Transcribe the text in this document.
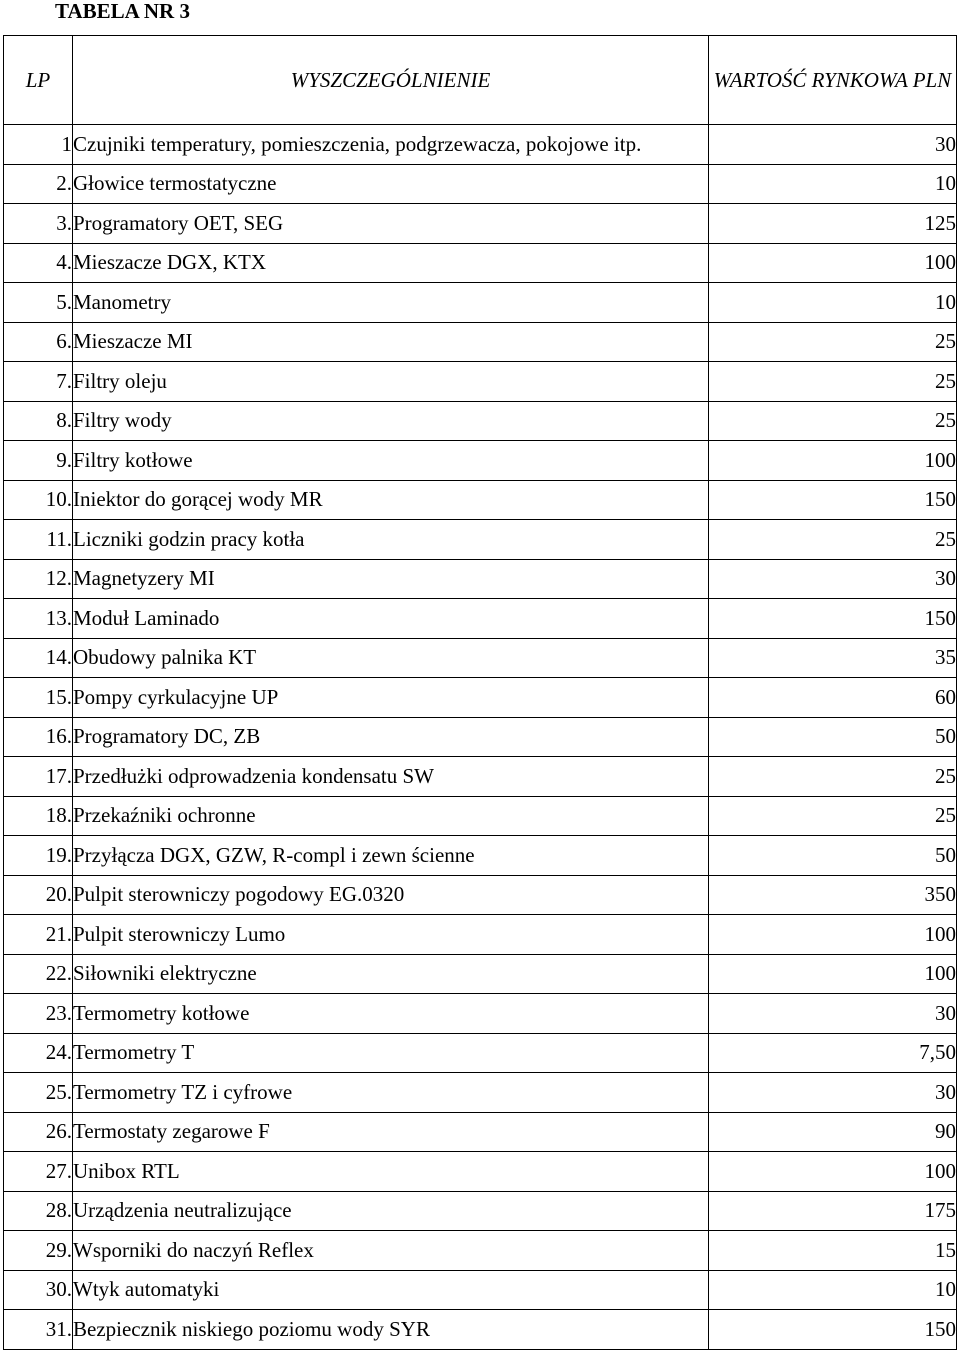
TABELA NR 3
LP	WYSZCZEGÓLNIENIE	WARTOŚĆ RYNKOWA PLN
1	Czujniki temperatury, pomieszczenia, podgrzewacza, pokojowe itp.	30
2.	Głowice termostatyczne	10
3.	Programatory OET, SEG	125
4.	Mieszacze DGX, KTX	100
5.	Manometry	10
6.	Mieszacze MI	25
7.	Filtry oleju	25
8.	Filtry wody	25
9.	Filtry kotłowe	100
10.	Iniektor do gorącej wody MR	150
11.	Liczniki godzin pracy kotła	25
12.	Magnetyzery MI	30
13.	Moduł Laminado	150
14.	Obudowy palnika KT	35
15.	Pompy cyrkulacyjne UP	60
16.	Programatory DC, ZB	50
17.	Przedłużki odprowadzenia kondensatu SW	25
18.	Przekaźniki ochronne	25
19.	Przyłącza DGX, GZW, R-compl i zewn ścienne	50
20.	Pulpit sterowniczy pogodowy EG.0320	350
21.	Pulpit sterowniczy Lumo	100
22.	Siłowniki elektryczne	100
23.	Termometry kotłowe	30
24.	Termometry T	7,50
25.	Termometry TZ i cyfrowe	30
26.	Termostaty zegarowe F	90
27.	Unibox RTL	100
28.	Urządzenia neutralizujące	175
29.	Wsporniki do naczyń Reflex	15
30.	Wtyk automatyki	10
31.	Bezpiecznik niskiego poziomu wody SYR	150
